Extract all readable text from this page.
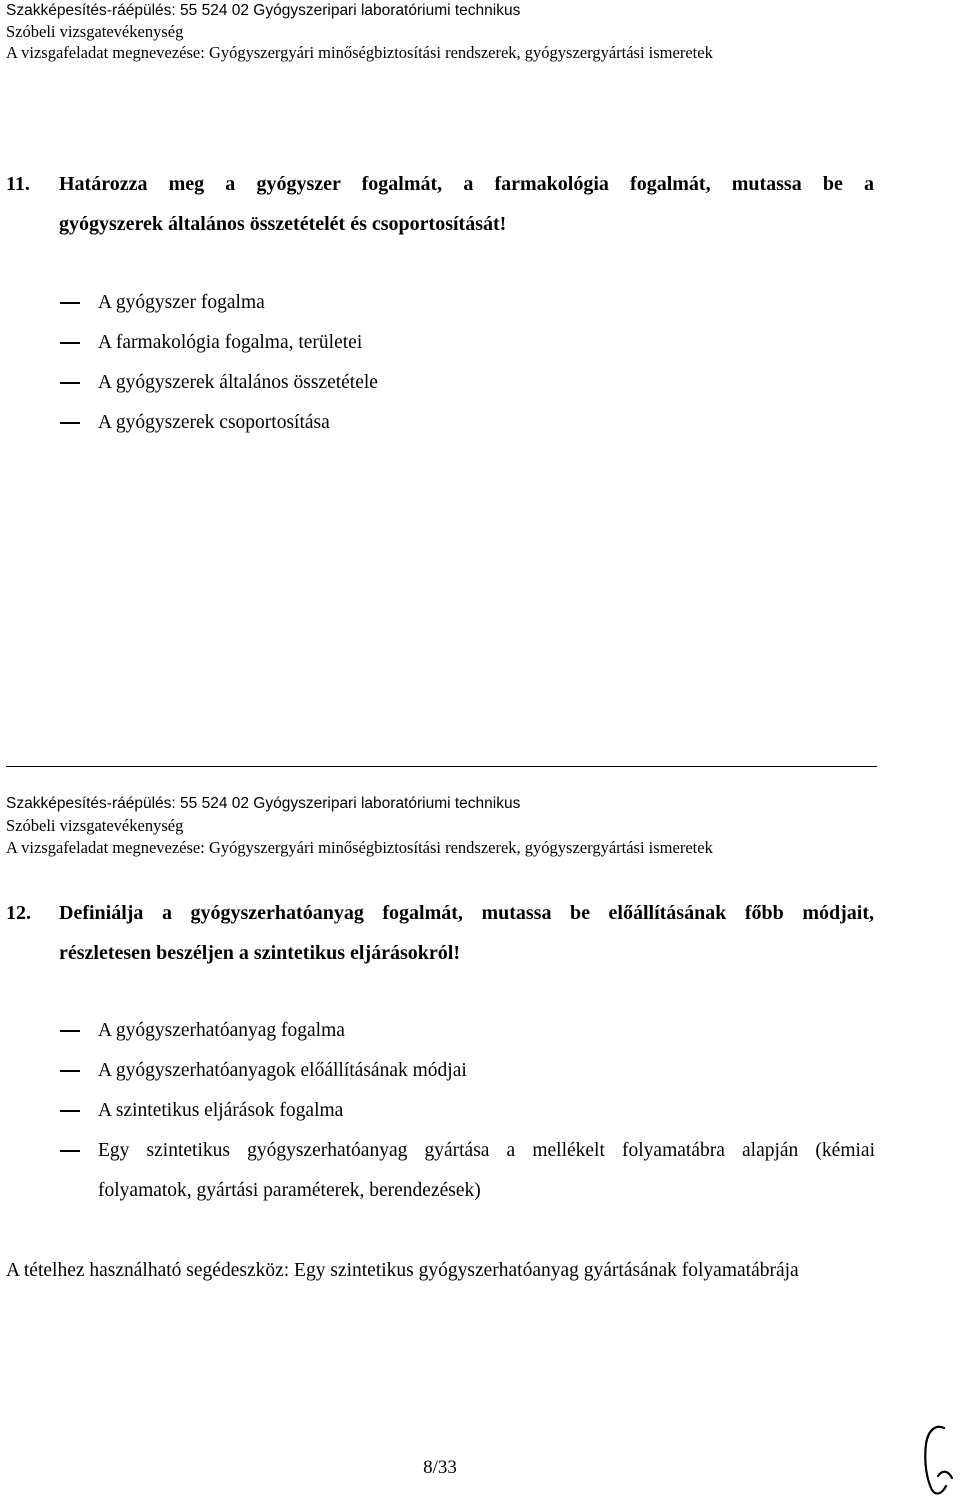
Szakképesítés-ráépülés: 55 524 02 Gyógyszeripari laboratóriumi technikus
Szóbeli vizsgatevékenység
A vizsgafeladat megnevezése: Gyógyszergyári minőségbiztosítási rendszerek, gyógyszergyártási ismeretek
11. Határozza meg a gyógyszer fogalmát, a farmakológia fogalmát, mutassa be a
gyógyszerek általános összetételét és csoportosítását!
A gyógyszer fogalma
A farmakológia fogalma, területei
A gyógyszerek általános összetétele
A gyógyszerek csoportosítása
Szakképesítés-ráépülés: 55 524 02 Gyógyszeripari laboratóriumi technikus
Szóbeli vizsgatevékenység
A vizsgafeladat megnevezése: Gyógyszergyári minőségbiztosítási rendszerek, gyógyszergyártási ismeretek
12. Definiálja a gyógyszerhatóanyag fogalmát, mutassa be előállításának főbb módjait,
részletesen beszéljen a szintetikus eljárásokról!
A gyógyszerhatóanyag fogalma
A gyógyszerhatóanyagok előállításának módjai
A szintetikus eljárások fogalma
Egy szintetikus gyógyszerhatóanyag gyártása a mellékelt folyamatábra alapján (kémiai folyamatok, gyártási paraméterek, berendezések)
A tételhez használható segédeszköz: Egy szintetikus gyógyszerhatóanyag gyártásának folyamatábrája
8/33
